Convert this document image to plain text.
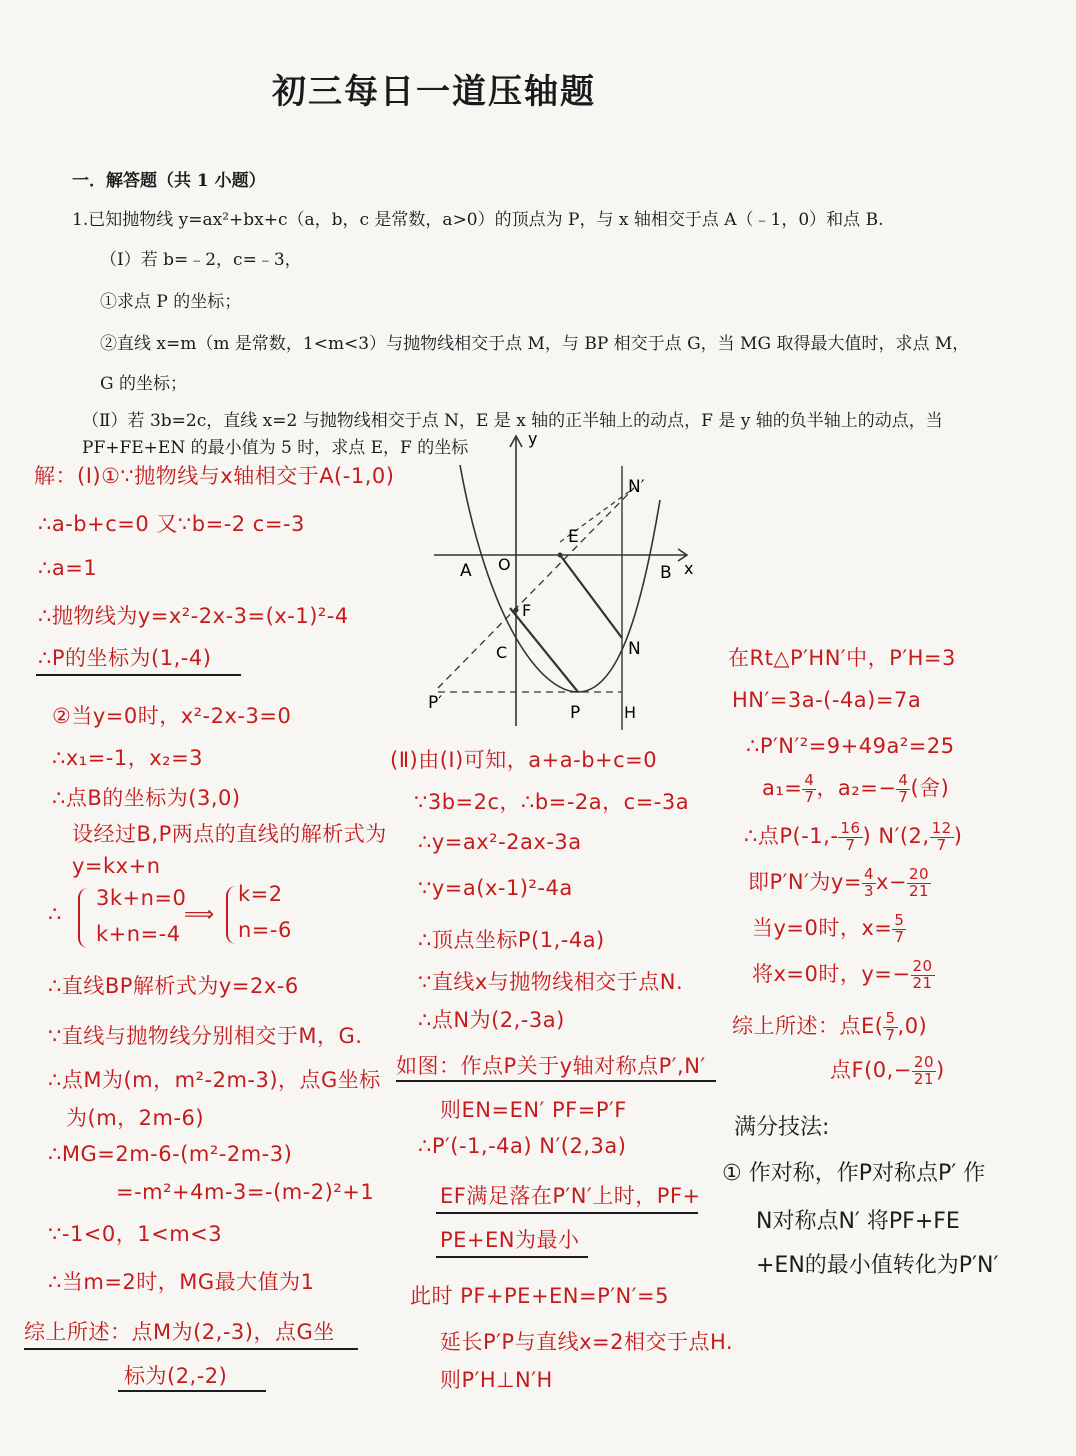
初三每日一道压轴题
一．解答题（共 1 小题）
1.已知抛物线 y=ax²+bx+c（a，b，c 是常数，a>0）的顶点为 P，与 x 轴相交于点 A（﹣1，0）和点 B.
（Ⅰ）若 b=﹣2，c=﹣3，
①求点 P 的坐标；
②直线 x=m（m 是常数，1<m<3）与抛物线相交于点 M，与 BP 相交于点 G，当 MG 取得最大值时，求点 M，
G 的坐标；
（Ⅱ）若 3b=2c，直线 x=2 与抛物线相交于点 N，E 是 x 轴的正半轴上的动点，F 是 y 轴的负半轴上的动点，当
PF+FE+EN 的最小值为 5 时，求点 E，F 的坐标
解：(Ⅰ)①∵抛物线与x轴相交于A(-1,0)
∴a-b+c=0 又∵b=-2 c=-3
∴a=1
∴抛物线为y=x²-2x-3=(x-1)²-4
∴P的坐标为(1,-4)
②当y=0时，x²-2x-3=0
∴x₁=-1，x₂=3
∴点B的坐标为(3,0)
设经过B,P两点的直线的解析式为
y=kx+n
∴
3k+n=0
k+n=-4
⟹
k=2
n=-6
∴直线BP解析式为y=2x-6
∵直线与抛物线分别相交于M，G.
∴点M为(m，m²-2m-3)，点G坐标
为(m，2m-6)
∴MG=2m-6-(m²-2m-3)
=-m²+4m-3=-(m-2)²+1
∵-1<0，1<m<3
∴当m=2时，MG最大值为1
综上所述：点M为(2,-3)，点G坐
标为(2,-2)
y
x
A O	B
E
F
C	N
N′
P
P′	H
(Ⅱ)由(Ⅰ)可知，a+a-b+c=0
∵3b=2c，∴b=-2a，c=-3a
∴y=ax²-2ax-3a
∵y=a(x-1)²-4a
∴顶点坐标P(1,-4a)
∵直线x与抛物线相交于点N.
∴点N为(2,-3a)
如图：作点P关于y轴对称点P′,N′
则EN=EN′ PF=P′F
∴P′(-1,-4a) N′(2,3a)
EF满足落在P′N′上时，PF+
PE+EN为最小
此时 PF+PE+EN=P′N′=5
延长P′P与直线x=2相交于点H.
则P′H⊥N′H
在Rt△P′HN′中，P′H=3
HN′=3a-(-4a)=7a
∴P′N′²=9+49a²=25
$a_1= \frac{4}{7}$ ，$a_2=- \frac{4}{7}$ (舍)
∴点$P(-1,- \frac{16}{7}$ ) N′(2, $\frac{12}{7}$ )
即P′N′为$y= \frac{4}{3} x- \frac{20}{21}$
当y=0时，$x= \frac{5}{7}$
将x=0时，$y=- \frac{20}{21}$
综上所述：点$E( \frac{5}{7} ,0)$
点$F(0,- \frac{20}{21}$ )
满分技法:
① 作对称，作P对称点P′ 作
N对称点N′ 将PF+FE
+EN的最小值转化为P′N′
